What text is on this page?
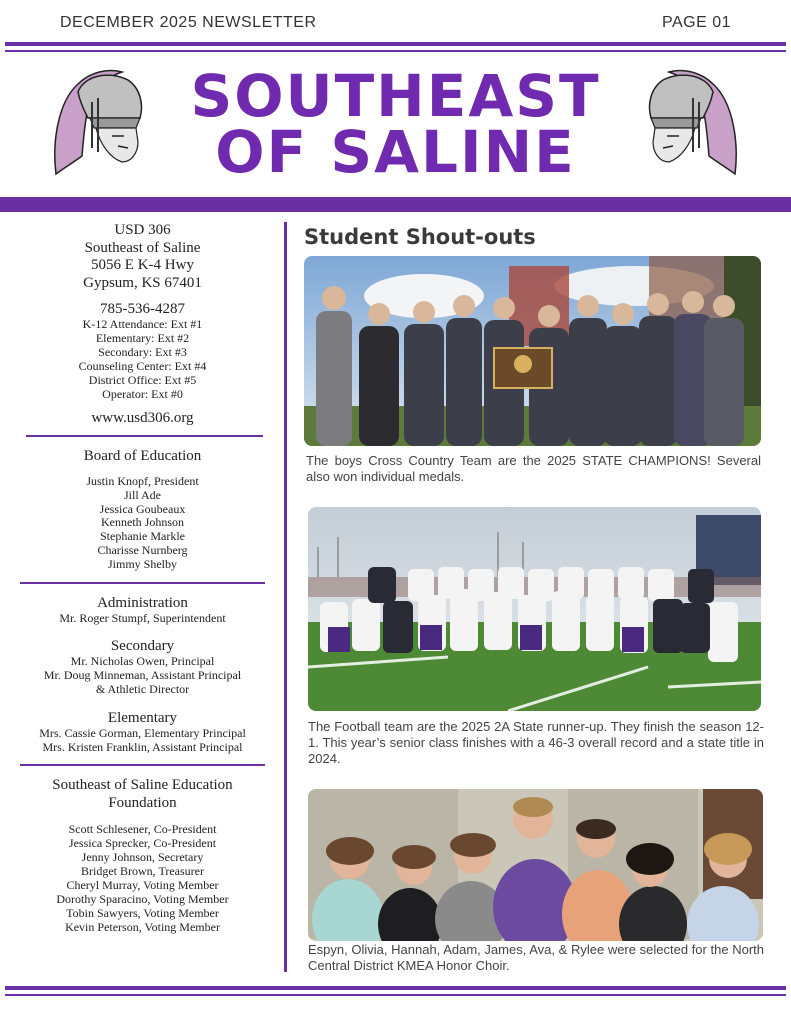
DECEMBER 2025 NEWSLETTER	PAGE 01
SOUTHEAST
OF SALINE
USD 306
Southeast of Saline
5056 E K-4 Hwy
Gypsum, KS 67401
785-536-4287
K-12 Attendance: Ext #1
Elementary: Ext #2
Secondary: Ext #3
Counseling Center: Ext #4
District Office: Ext #5
Operator: Ext #0
www.usd306.org
Board of Education
Justin Knopf, President
Jill Ade
Jessica Goubeaux
Kenneth Johnson
Stephanie Markle
Charisse Nurnberg
Jimmy Shelby
Administration
Mr. Roger Stumpf, Superintendent
Secondary
Mr. Nicholas Owen, Principal
Mr. Doug Minneman, Assistant Principal
& Athletic Director
Elementary
Mrs. Cassie Gorman, Elementary Principal
Mrs. Kristen Franklin, Assistant Principal
Southeast of Saline Education
Foundation
Scott Schlesener, Co-President
Jessica Sprecker, Co-President
Jenny Johnson, Secretary
Bridget Brown, Treasurer
Cheryl Murray, Voting Member
Dorothy Sparacino, Voting Member
Tobin Sawyers, Voting Member
Kevin Peterson, Voting Member
Student Shout-outs
The boys Cross Country Team are the 2025 STATE CHAMPIONS! Several also won individual medals.
The Football team are the 2025 2A State runner-up. They finish the season 12-1. This year’s senior class finishes with a 46-3 overall record and a state title in 2024.
Espyn, Olivia, Hannah, Adam, James, Ava, & Rylee were selected for the North Central District KMEA Honor Choir.
